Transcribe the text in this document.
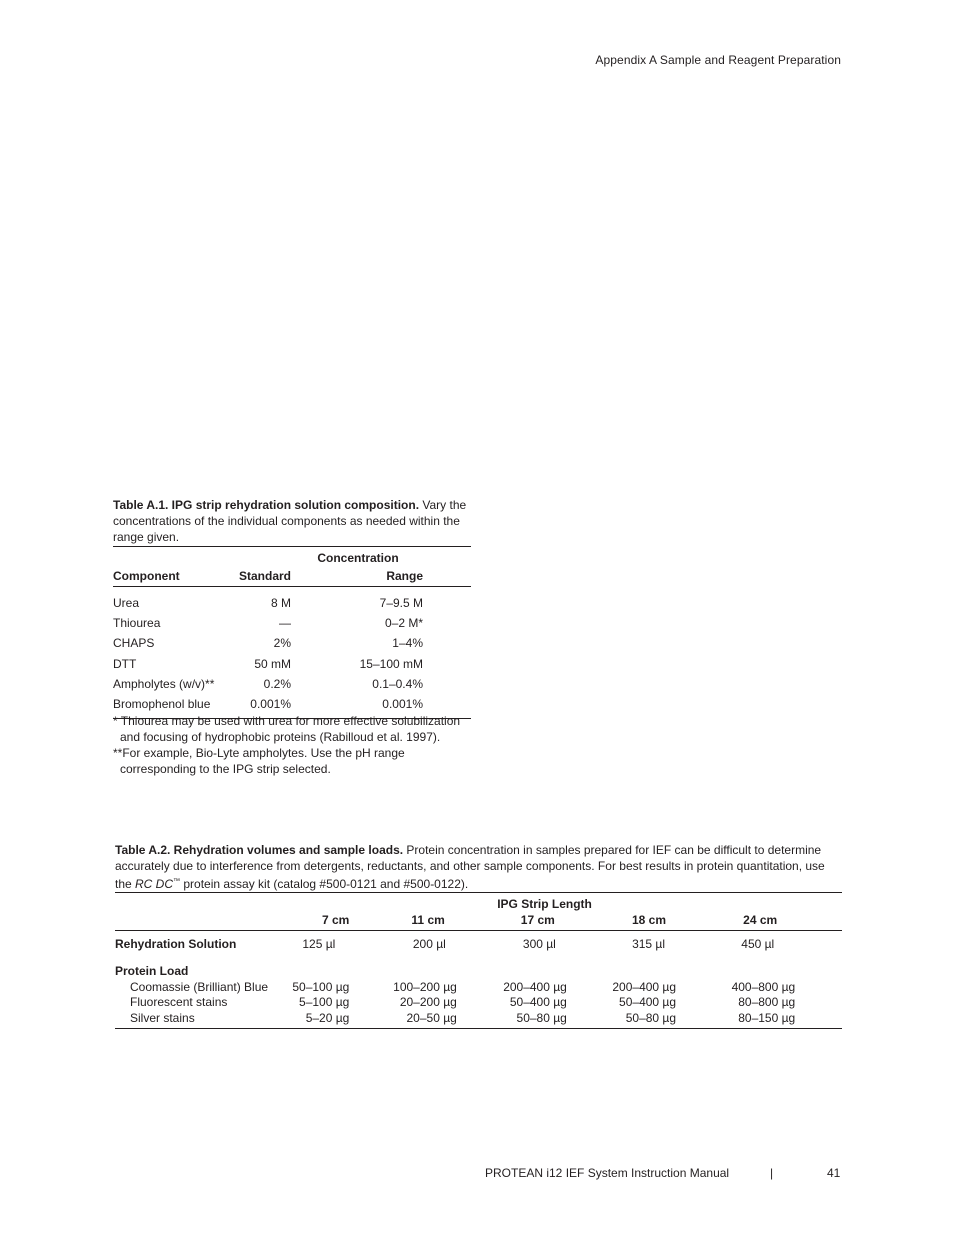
Appendix A Sample and Reagent Preparation
Table A.1. IPG strip rehydration solution composition. Vary the concentrations of the individual components as needed within the range given.

	Concentration		
Component	Standard	Range	

Urea	8 M	7–9.5 M	
Thiourea	—	0–2 M*	
CHAPS	2%	1–4%	
DTT	50 mM	15–100 mM	
Ampholytes (w/v)**	0.2%	0.1–0.4%	
Bromophenol blue	0.001%	0.001%	
* Thiourea may be used with urea for more effective solubilization and focusing of hydrophobic proteins (Rabilloud et al. 1997).
**For example, Bio-Lyte ampholytes. Use the pH range corresponding to the IPG strip selected.
Table A.2. Rehydration volumes and sample loads. Protein concentration in samples prepared for IEF can be difficult to determine accurately due to interference from detergents, reductants, and other sample components. For best results in protein quantitation, use the RC DC™ protein assay kit (catalog #500-0121 and #500-0122).
	IPG Strip Length					
	7 cm	11 cm	17 cm	18 cm	24 cm	
Rehydration Solution	125 µl	200 µl	300 µl	315 µl	450 µl	
Protein Load						
Coomassie (Brilliant) Blue	50–100 µg	100–200 µg	200–400 µg	200–400 µg	400–800 µg	
Fluorescent stains	5–100 µg	20–200 µg	50–400 µg	50–400 µg	80–800 µg	
Silver stains	5–20 µg	20–50 µg	50–80 µg	50–80 µg	80–150 µg	
PROTEAN i12 IEF System Instruction Manual	|	41
